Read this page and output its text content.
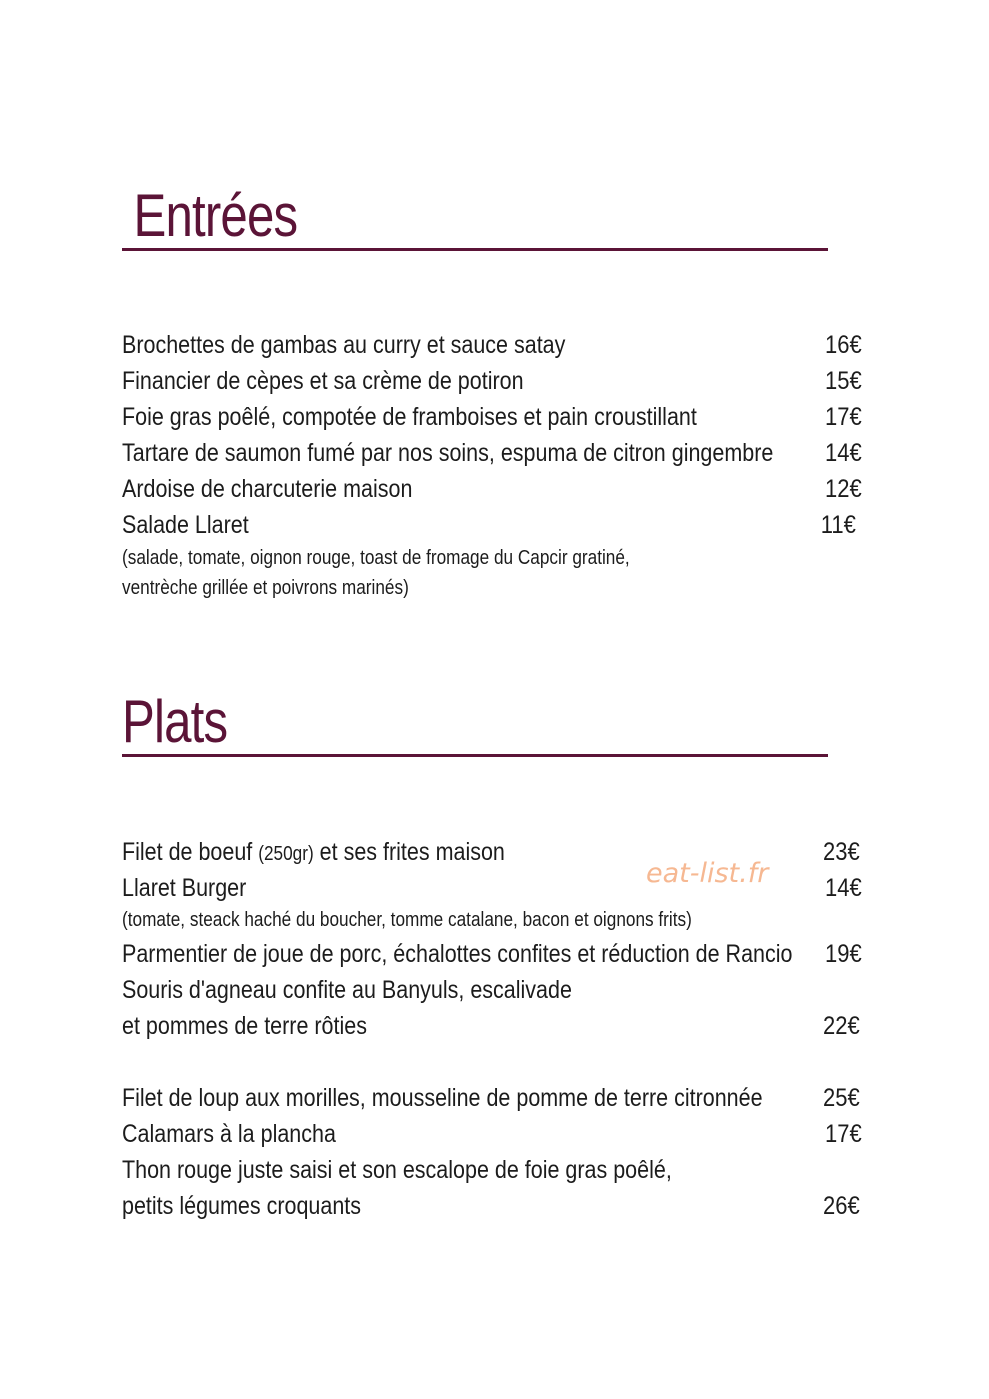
Entrées
Brochettes de gambas au curry et sauce satay	16€
Financier de cèpes et sa crème de potiron	15€
Foie gras poêlé, compotée de framboises et pain croustillant	17€
Tartare de saumon fumé par nos soins, espuma de citron gingembre	14€
Ardoise de charcuterie maison	12€
Salade Llaret	11€
(salade, tomate, oignon rouge, toast de fromage du Capcir gratiné,
ventrèche grillée et poivrons marinés)
Plats
Filet de boeuf (250gr) et ses frites maison	23€
Llaret Burger	14€
(tomate, steack haché du boucher, tomme catalane, bacon et oignons frits)
Parmentier de joue de porc, échalottes confites et réduction de Rancio	19€
Souris d'agneau confite au Banyuls, escalivade
et pommes de terre rôties	22€
Filet de loup aux morilles, mousseline de pomme de terre citronnée	25€
Calamars à la plancha	17€
Thon rouge juste saisi et son escalope de foie gras poêlé,
petits légumes croquants	26€
eat-list.fr
